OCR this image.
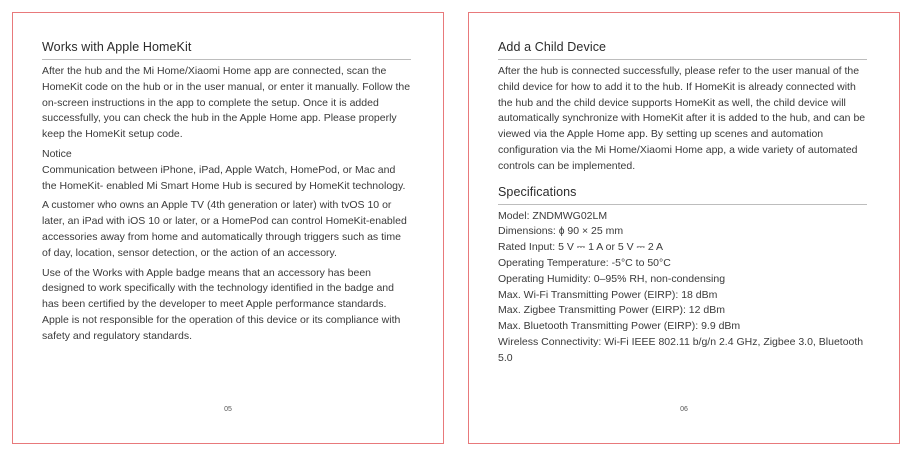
Works with Apple HomeKit

After the hub and the Mi Home/Xiaomi Home app are connected, scan the HomeKit code on the hub or in the user manual, or enter it manually. Follow the on-screen instructions in the app to complete the setup. Once it is added successfully, you can check the hub in the Apple Home app. Please properly keep the HomeKit setup code.

Notice

Communication between iPhone, iPad, Apple Watch, HomePod, or Mac and the HomeKit- enabled Mi Smart Home Hub is secured by HomeKit technology.

A customer who owns an Apple TV (4th generation or later) with tvOS 10 or later, an iPad with iOS 10 or later, or a HomePod can control HomeKit-enabled accessories away from home and automatically through triggers such as time of day, location, sensor detection, or the action of an accessory.

Use of the Works with Apple badge means that an accessory has been designed to work specifically with the technology identified in the badge and has been certified by the developer to meet Apple performance standards. Apple is not responsible for the operation of this device or its compliance with safety and regulatory standards.

05
Add a Child Device

After the hub is connected successfully, please refer to the user manual of the child device for how to add it to the hub. If HomeKit is already connected with the hub and the child device supports HomeKit as well, the child device will automatically synchronize with HomeKit after it is added to the hub, and can be viewed via the Apple Home app. By setting up scenes and automation configuration via the Mi Home/Xiaomi Home app, a wide variety of automated controls can be implemented.

Specifications

Model: ZNDMWG02LM

Dimensions: ɸ 90 × 25 mm

Rated Input: 5 V ⎓ 1 A or 5 V ⎓ 2 A

Operating Temperature: -5°C to 50°C

Operating Humidity: 0–95% RH, non-condensing

Max. Wi-Fi Transmitting Power (EIRP): 18 dBm

Max. Zigbee Transmitting Power (EIRP): 12 dBm

Max. Bluetooth Transmitting Power (EIRP): 9.9 dBm

Wireless Connectivity: Wi-Fi IEEE 802.11 b/g/n 2.4 GHz, Zigbee 3.0, Bluetooth 5.0

06
